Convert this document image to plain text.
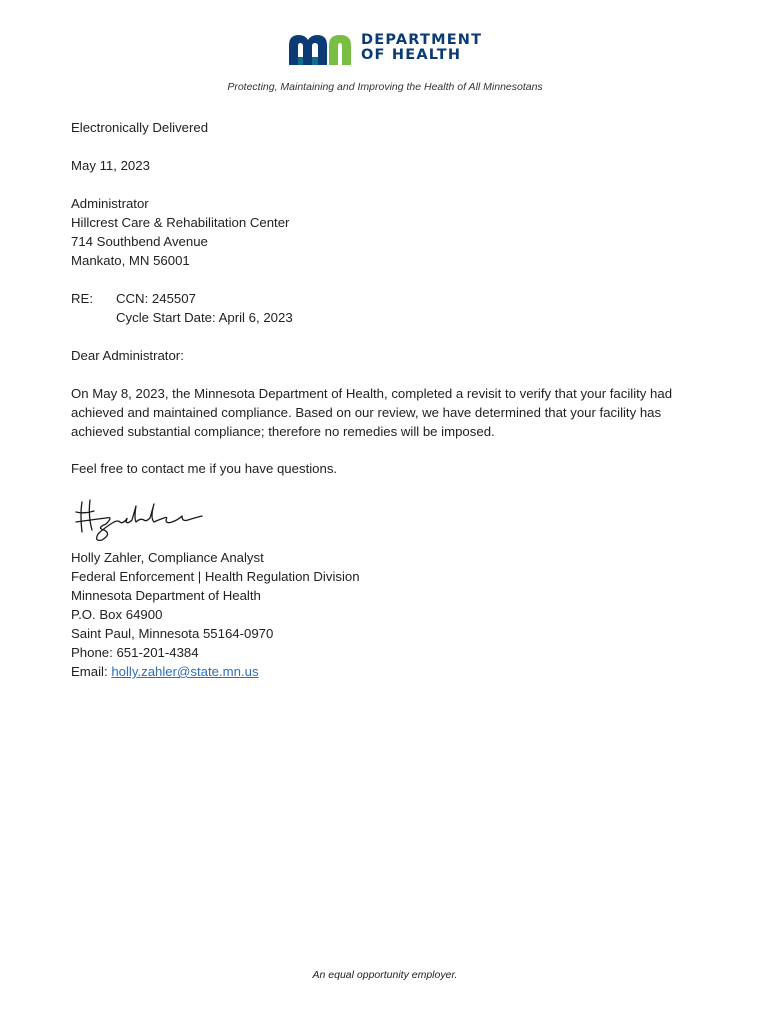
DEPARTMENT
OF HEALTH
Protecting, Maintaining and Improving the Health of All Minnesotans
Electronically Delivered
May 11, 2023
Administrator
Hillcrest Care & Rehabilitation Center
714 Southbend Avenue
Mankato, MN 56001
RE: CCN: 245507
Cycle Start Date: April 6, 2023
Dear Administrator:
On May 8, 2023, the Minnesota Department of Health, completed a revisit to verify that your facility had achieved and maintained compliance. Based on our review, we have determined that your facility has achieved substantial compliance; therefore no remedies will be imposed.
Feel free to contact me if you have questions.
Holly Zahler, Compliance Analyst
Federal Enforcement | Health Regulation Division
Minnesota Department of Health
P.O. Box 64900
Saint Paul, Minnesota 55164-0970
Phone: 651-201-4384
Email: holly.zahler@state.mn.us
An equal opportunity employer.
